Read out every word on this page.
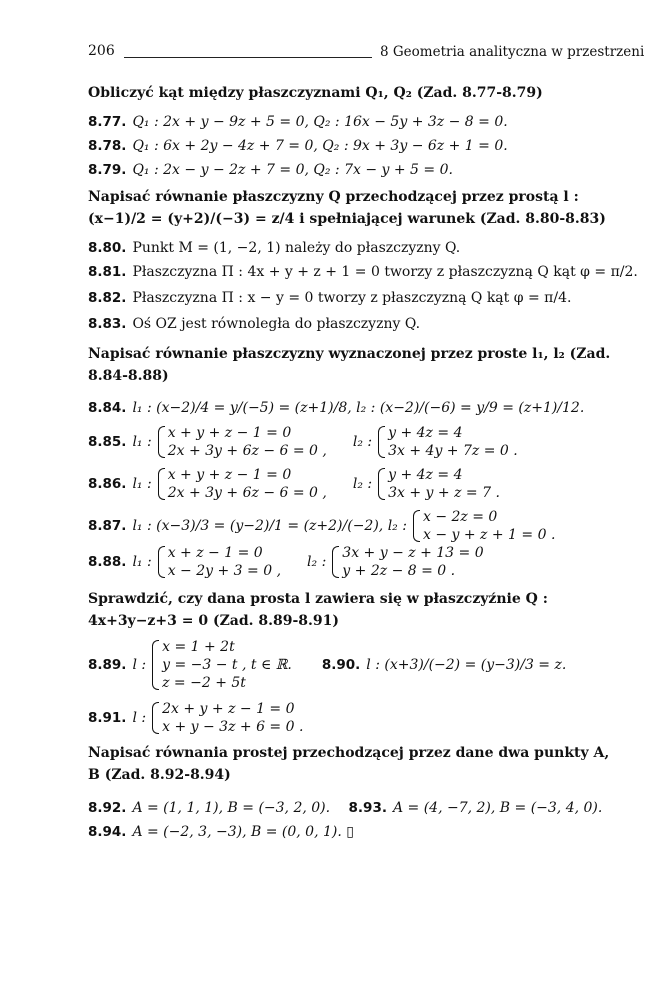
206	8 Geometria analityczna w przestrzeni
Obliczyć kąt między płaszczyznami Q₁, Q₂ (Zad. 8.77-8.79)
8.77. Q₁ : 2x + y − 9z + 5 = 0, Q₂ : 16x − 5y + 3z − 8 = 0.
8.78. Q₁ : 6x + 2y − 4z + 7 = 0, Q₂ : 9x + 3y − 6z + 1 = 0.
8.79. Q₁ : 2x − y − 2z + 7 = 0, Q₂ : 7x − y + 5 = 0.
Napisać równanie płaszczyzny Q przechodzącej przez prostą l : (x−1)/2 = (y+2)/(−3) = z/4 i spełniającej warunek (Zad. 8.80-8.83)
8.80. Punkt M = (1, −2, 1) należy do płaszczyzny Q.
8.81. Płaszczyzna Π : 4x + y + z + 1 = 0 tworzy z płaszczyzną Q kąt φ = π/2.
8.82. Płaszczyzna Π : x − y = 0 tworzy z płaszczyzną Q kąt φ = π/4.
8.83. Oś OZ jest równoległa do płaszczyzny Q.
Napisać równanie płaszczyzny wyznaczonej przez proste l₁, l₂ (Zad. 8.84-8.88)
8.84. l₁ : (x−2)/4 = y/(−5) = (z+1)/8, l₂ : (x−2)/(−6) = y/9 = (z+1)/12.
8.85. l₁ :
x + y + z − 1 = 0
2x + 3y + 6z − 6 = 0 ,
l₂ :
y + 4z = 4
3x + 4y + 7z = 0 .
8.86. l₁ :
x + y + z − 1 = 0
2x + 3y + 6z − 6 = 0 ,
l₂ :
y + 4z = 4
3x + y + z = 7 .
8.87. l₁ : (x−3)/3 = (y−2)/1 = (z+2)/(−2), l₂ :
x − 2z = 0
x − y + z + 1 = 0 .
8.88. l₁ :
x + z − 1 = 0
x − 2y + 3 = 0 ,
l₂ :
3x + y − z + 13 = 0
y + 2z − 8 = 0 .
Sprawdzić, czy dana prosta l zawiera się w płaszczyźnie Q : 4x+3y−z+3 = 0 (Zad. 8.89-8.91)
8.89. l :
x = 1 + 2t
y = −3 − t , t ∈ ℝ.
z = −2 + 5t
8.90. l : (x+3)/(−2) = (y−3)/3 = z.
8.91. l :
2x + y + z − 1 = 0
x + y − 3z + 6 = 0 .
Napisać równania prostej przechodzącej przez dane dwa punkty A, B (Zad. 8.92-8.94)
8.92. A = (1, 1, 1), B = (−3, 2, 0). 8.93. A = (4, −7, 2), B = (−3, 4, 0).
8.94. A = (−2, 3, −3), B = (0, 0, 1). ▯
